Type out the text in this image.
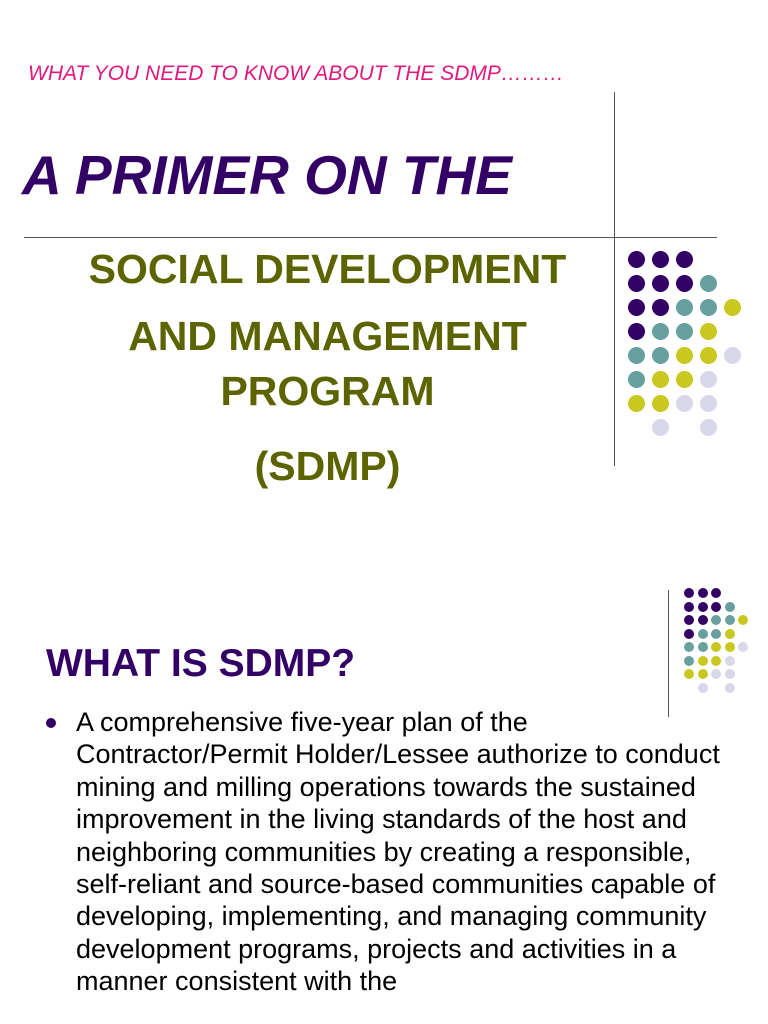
WHAT YOU NEED TO KNOW ABOUT THE SDMP………
A PRIMER ON THE
SOCIAL DEVELOPMENT
AND MANAGEMENT
PROGRAM
(SDMP)
WHAT IS SDMP?
A comprehensive five-year plan of the Contractor/Permit Holder/Lessee authorize to conduct mining and milling operations towards the sustained improvement in the living standards of the host and neighboring communities by creating a responsible, self-reliant and source-based communities capable of developing, implementing, and managing community development programs, projects and activities in a manner consistent with the
